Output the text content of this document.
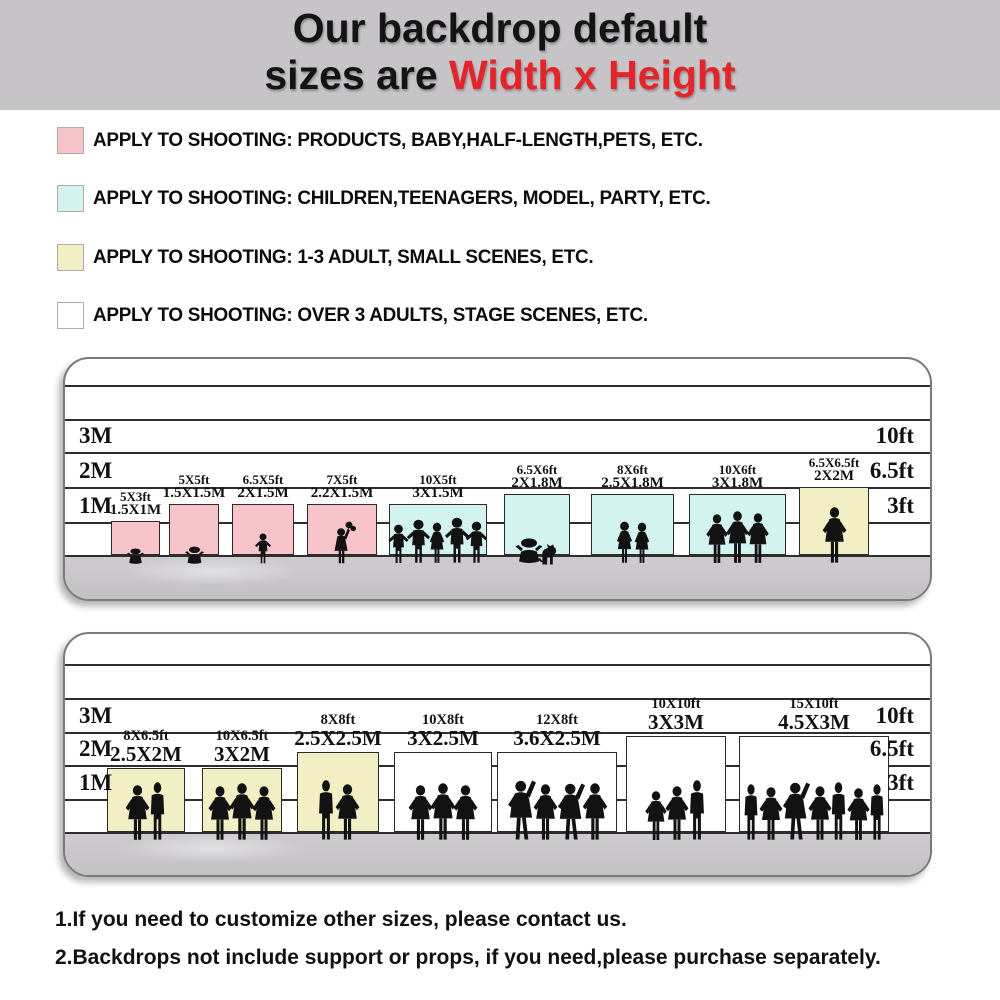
Our backdrop default
sizes are Width x Height
APPLY TO SHOOTING: PRODUCTS, BABY,HALF-LENGTH,PETS, ETC.
APPLY TO SHOOTING: CHILDREN,TEENAGERS, MODEL, PARTY, ETC.
APPLY TO SHOOTING: 1-3 ADULT, SMALL SCENES, ETC.
APPLY TO SHOOTING: OVER 3 ADULTS, STAGE SCENES, ETC.
3M
2M
1M
10ft
6.5ft
3ft
5X3ft
1.5X1M
5X5ft
1.5X1.5M
6.5X5ft
2X1.5M
7X5ft
2.2X1.5M
10X5ft
3X1.5M
6.5X6ft
2X1.8M
8X6ft
2.5X1.8M
10X6ft
3X1.8M
6.5X6.5ft
2X2M
3M
2M
1M
10ft
6.5ft
3ft
8X6.5ft
2.5X2M
10X6.5ft
3X2M
8X8ft
2.5X2.5M
10X8ft
3X2.5M
12X8ft
3.6X2.5M
10X10ft
3X3M
15X10ft
4.5X3M

1.If you need to customize other sizes, please contact us.

2.Backdrops not include support or props, if you need,please purchase separately.
